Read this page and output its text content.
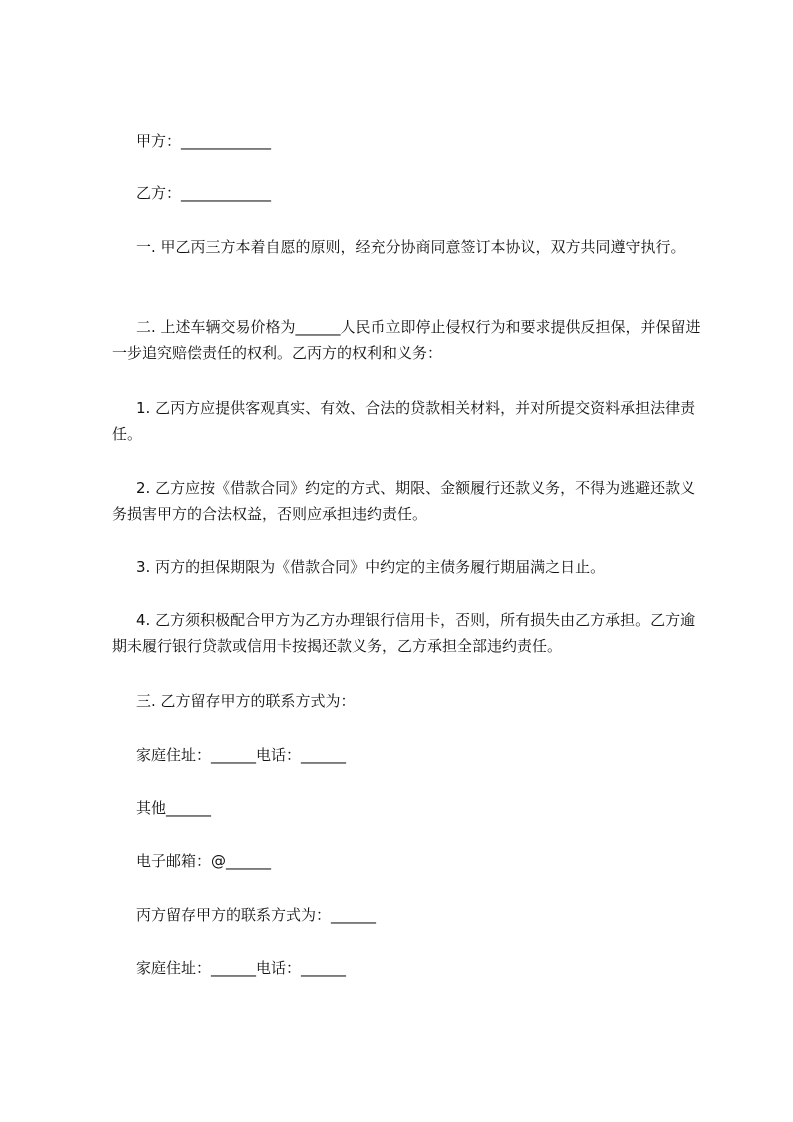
甲方：____________

乙方：____________

一. 甲乙丙三方本着自愿的原则，经充分协商同意签订本协议，双方共同遵守执行。

二. 上述车辆交易价格为______人民币立即停止侵权行为和要求提供反担保，并保留进一步追究赔偿责任的权利。乙丙方的权利和义务：

1. 乙丙方应提供客观真实、有效、合法的贷款相关材料，并对所提交资料承担法律责任。

2. 乙方应按《借款合同》约定的方式、期限、金额履行还款义务，不得为逃避还款义务损害甲方的合法权益，否则应承担违约责任。

3. 丙方的担保期限为《借款合同》中约定的主债务履行期届满之日止。

4. 乙方须积极配合甲方为乙方办理银行信用卡，否则，所有损失由乙方承担。乙方逾期未履行银行贷款或信用卡按揭还款义务，乙方承担全部违约责任。

三. 乙方留存甲方的联系方式为：

家庭住址：______电话：______

其他______

电子邮箱：@______

丙方留存甲方的联系方式为：______

家庭住址：______电话：______
